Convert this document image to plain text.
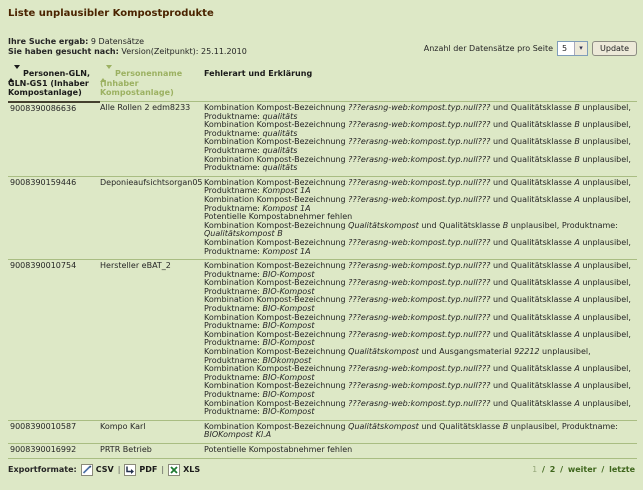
Liste unplausibler Kompostprodukte
Ihre Suche ergab: 9 Datensätze
Sie haben gesucht nach: Version(Zeitpunkt): 25.11.2010	Anzahl der Datensätze pro Seite	5	▾	Update
Personen-GLN, GLN-GS1 (Inhaber Kompostanlage)	Personenname (Inhaber Kompostanlage)	Fehlerart und Erklärung
9008390086636	Alle Rollen 2 edm8233	Kombination Kompost-Bezeichnung ???erasng-web:kompost.typ.null??? und Qualitätsklasse B unplausibel, Produktname: qualitäts
Kombination Kompost-Bezeichnung ???erasng-web:kompost.typ.null??? und Qualitätsklasse B unplausibel, Produktname: qualitäts
Kombination Kompost-Bezeichnung ???erasng-web:kompost.typ.null??? und Qualitätsklasse B unplausibel, Produktname: qualitäts
Kombination Kompost-Bezeichnung ???erasng-web:kompost.typ.null??? und Qualitätsklasse B unplausibel, Produktname: qualitäts

9008390159446	Deponieaufsichtsorgan05	Kombination Kompost-Bezeichnung ???erasng-web:kompost.typ.null??? und Qualitätsklasse A unplausibel, Produktname: Kompost 1A
Kombination Kompost-Bezeichnung ???erasng-web:kompost.typ.null??? und Qualitätsklasse A unplausibel, Produktname: Kompost 1A
Potentielle Kompostabnehmer fehlen
Kombination Kompost-Bezeichnung Qualitätskompost und Qualitätsklasse B unplausibel, Produktname: Qualitätskompost B
Kombination Kompost-Bezeichnung ???erasng-web:kompost.typ.null??? und Qualitätsklasse A unplausibel, Produktname: Kompost 1A

9008390010754	Hersteller eBAT_2	Kombination Kompost-Bezeichnung ???erasng-web:kompost.typ.null??? und Qualitätsklasse A unplausibel, Produktname: BIO-Kompost
Kombination Kompost-Bezeichnung ???erasng-web:kompost.typ.null??? und Qualitätsklasse A unplausibel, Produktname: BIO-Kompost
Kombination Kompost-Bezeichnung ???erasng-web:kompost.typ.null??? und Qualitätsklasse A unplausibel, Produktname: BIO-Kompost
Kombination Kompost-Bezeichnung ???erasng-web:kompost.typ.null??? und Qualitätsklasse A unplausibel, Produktname: BIO-Kompost
Kombination Kompost-Bezeichnung ???erasng-web:kompost.typ.null??? und Qualitätsklasse A unplausibel, Produktname: BIO-Kompost
Kombination Kompost-Bezeichnung Qualitätskompost und Ausgangsmaterial 92212 unplausibel, Produktname: BIOkompost
Kombination Kompost-Bezeichnung ???erasng-web:kompost.typ.null??? und Qualitätsklasse A unplausibel, Produktname: BIO-Kompost
Kombination Kompost-Bezeichnung ???erasng-web:kompost.typ.null??? und Qualitätsklasse A unplausibel, Produktname: BIO-Kompost
Kombination Kompost-Bezeichnung ???erasng-web:kompost.typ.null??? und Qualitätsklasse A unplausibel, Produktname: BIO-Kompost

9008390010587	Kompo Karl	Kombination Kompost-Bezeichnung Qualitätskompost und Qualitätsklasse B unplausibel, Produktname: BIOKompost Kl.A

9008390016992	PRTR Betrieb	Potentielle Kompostabnehmer fehlen
Exportformate: CSV | PDF | XLS	1 / 2 / weiter / letzte
